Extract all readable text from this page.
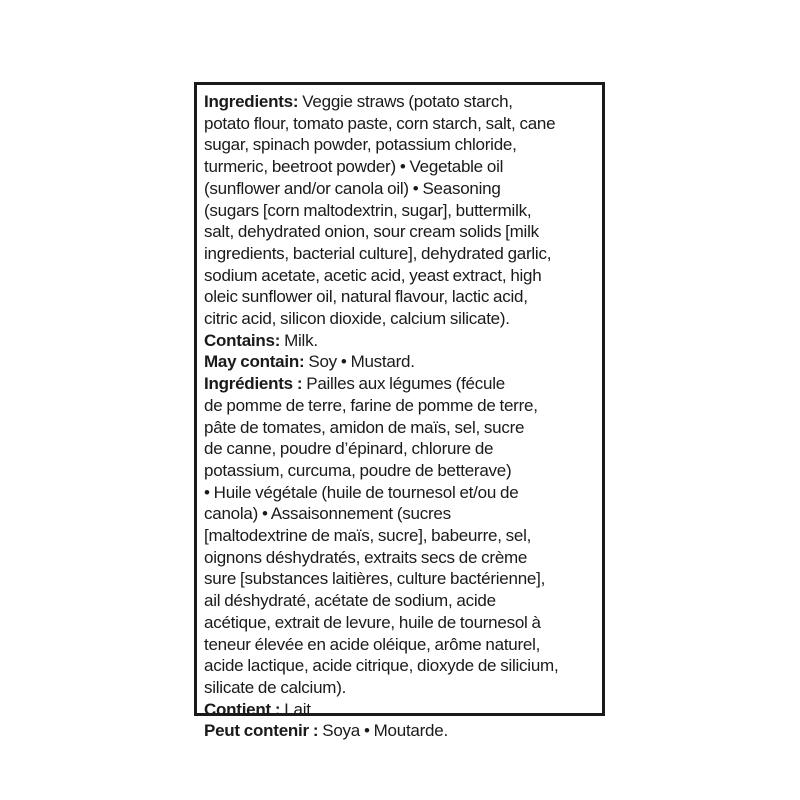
Ingredients: Veggie straws (potato starch,
potato flour, tomato paste, corn starch, salt, cane
sugar, spinach powder, potassium chloride,
turmeric, beetroot powder) • Vegetable oil
(sunflower and/or canola oil) • Seasoning
(sugars [corn maltodextrin, sugar], buttermilk,
salt, dehydrated onion, sour cream solids [milk
ingredients, bacterial culture], dehydrated garlic,
sodium acetate, acetic acid, yeast extract, high
oleic sunflower oil, natural flavour, lactic acid,
citric acid, silicon dioxide, calcium silicate).
Contains: Milk.
May contain: Soy • Mustard.
Ingrédients : Pailles aux légumes (fécule
de pomme de terre, farine de pomme de terre,
pâte de tomates, amidon de maïs, sel, sucre
de canne, poudre d’épinard, chlorure de
potassium, curcuma, poudre de betterave)
• Huile végétale (huile de tournesol et/ou de
canola) • Assaisonnement (sucres
[maltodextrine de maïs, sucre], babeurre, sel,
oignons déshydratés, extraits secs de crème
sure [substances laitières, culture bactérienne],
ail déshydraté, acétate de sodium, acide
acétique, extrait de levure, huile de tournesol à
teneur élevée en acide oléique, arôme naturel,
acide lactique, acide citrique, dioxyde de silicium,
silicate de calcium).
Contient : Lait.
Peut contenir : Soya • Moutarde.
